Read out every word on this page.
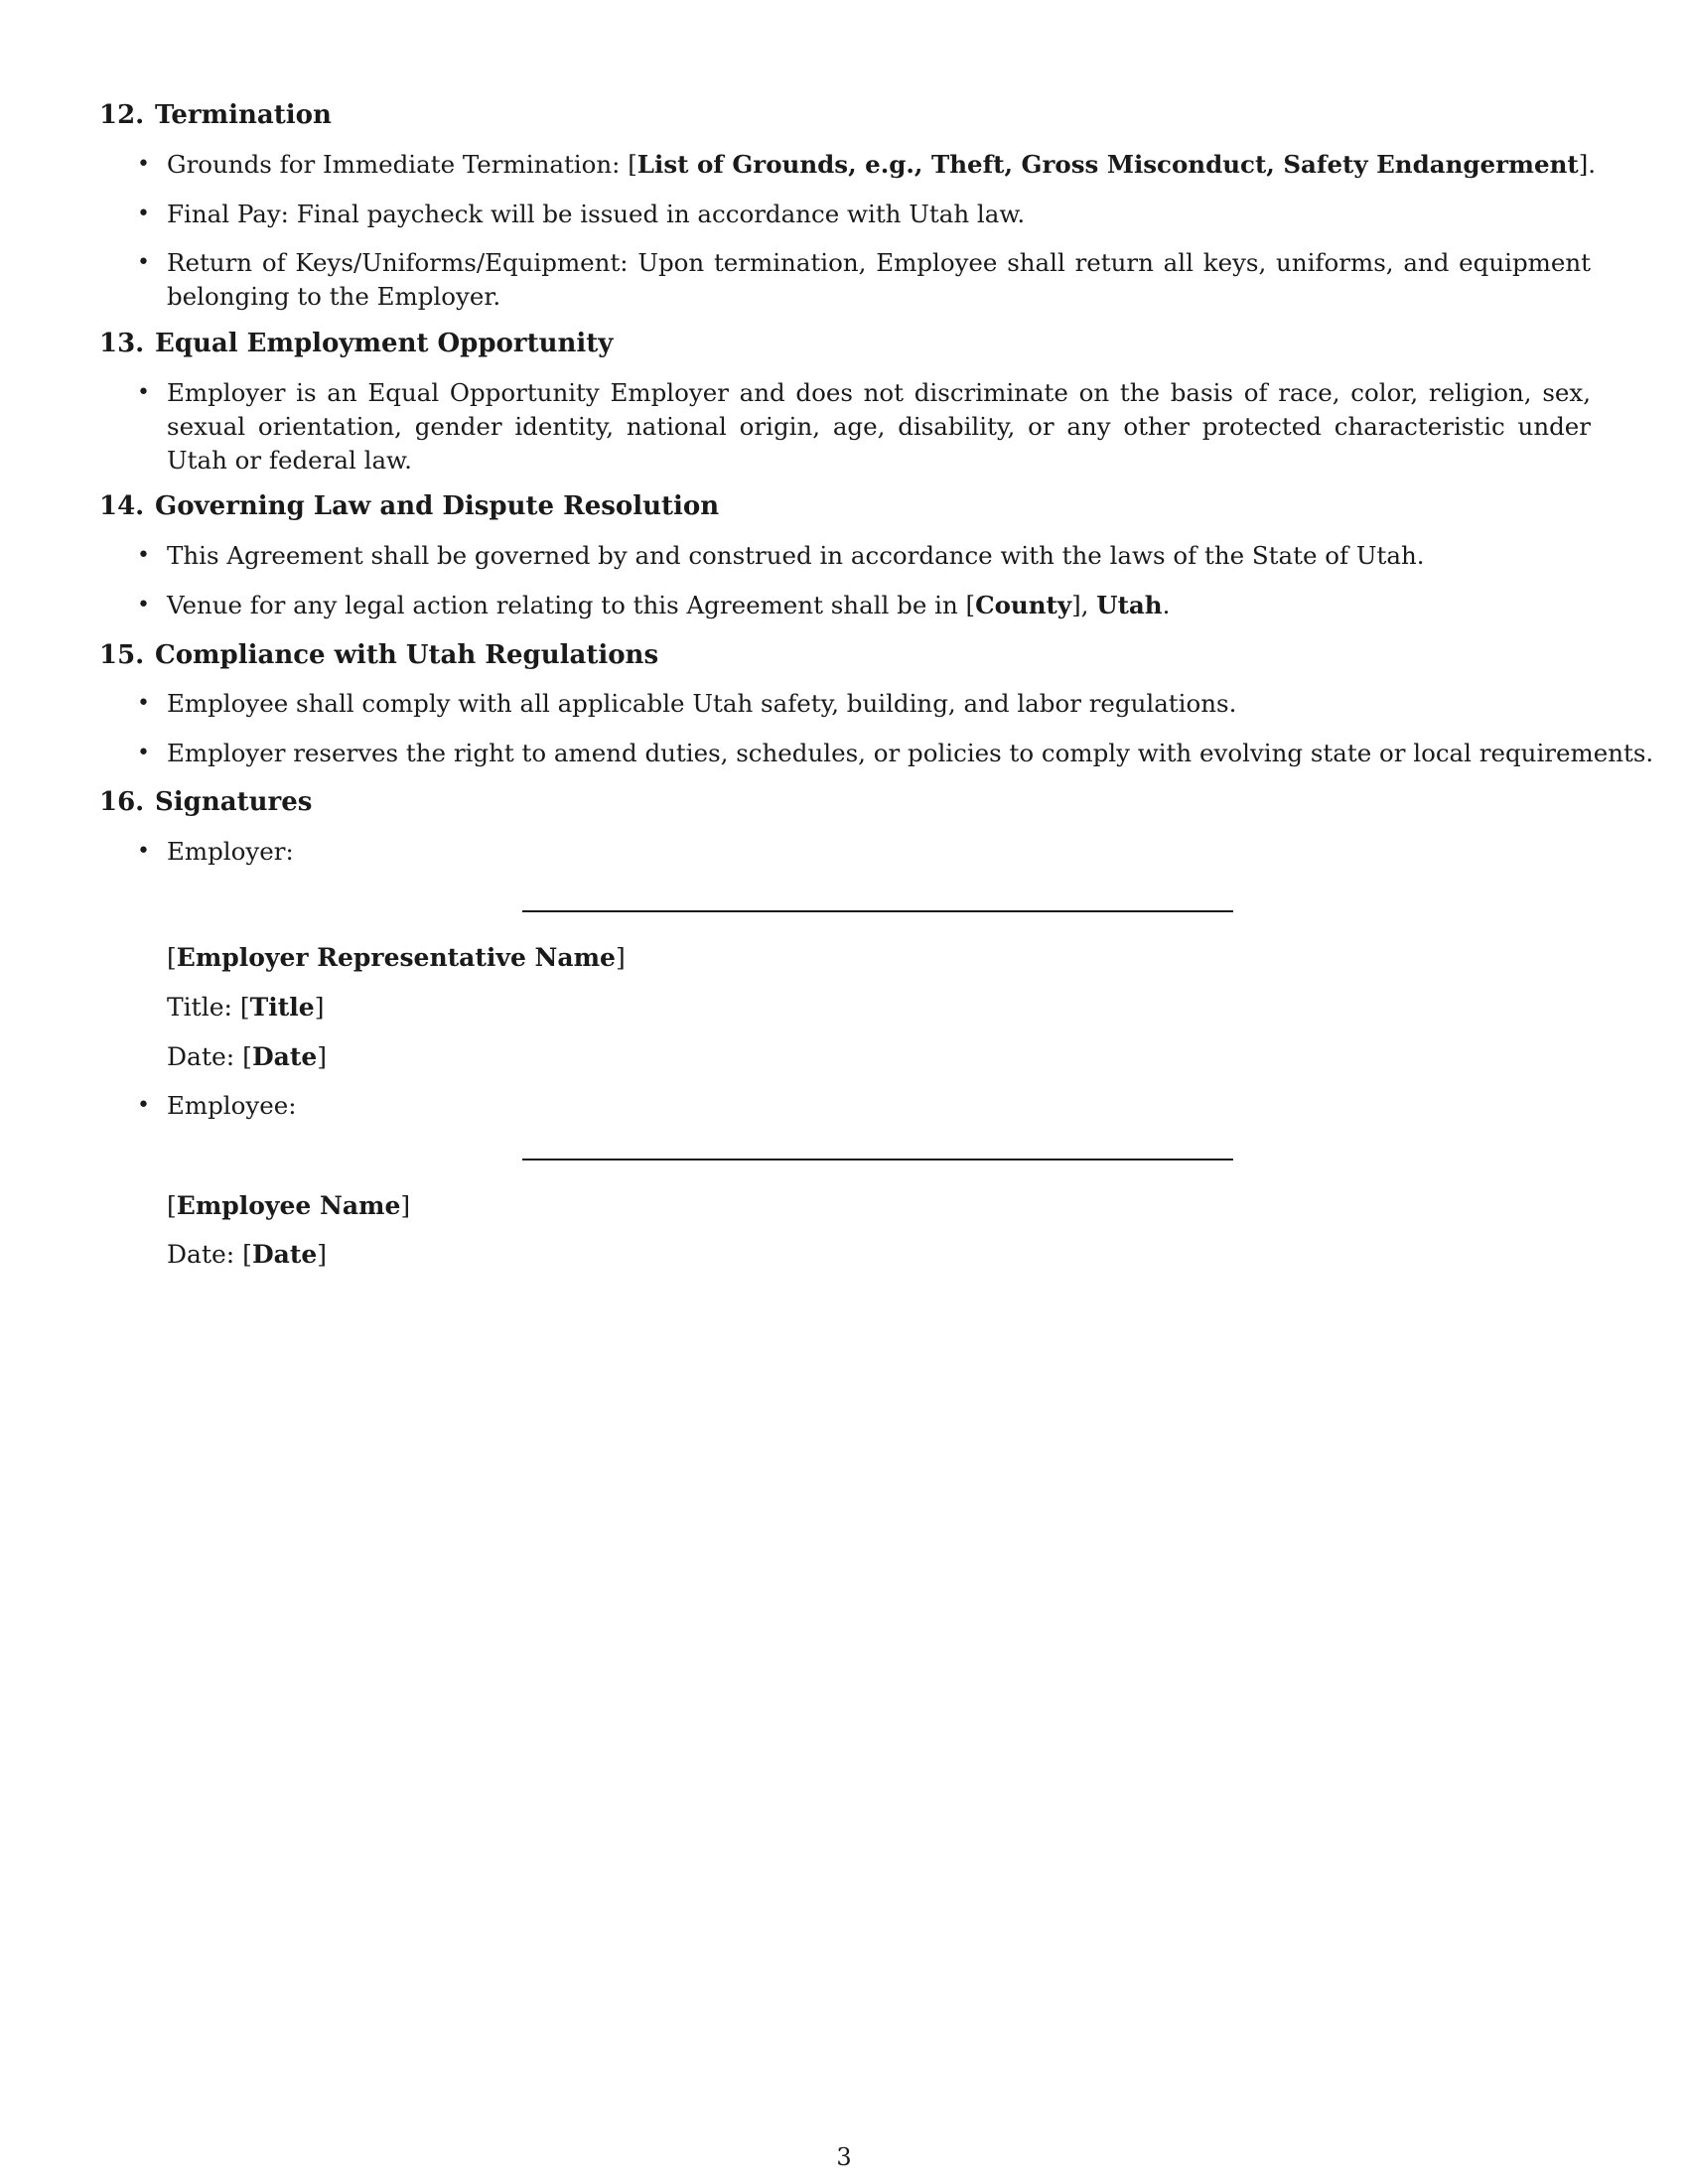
12. Termination
• Grounds for Immediate Termination: [List of Grounds, e.g., Theft, Gross Misconduct, Safety Endangerment].
• Final Pay: Final paycheck will be issued in accordance with Utah law.
• Return of Keys/Uniforms/Equipment: Upon termination, Employee shall return all keys, uniforms, and equipment belonging to the Employer.
13. Equal Employment Opportunity
• Employer is an Equal Opportunity Employer and does not discriminate on the basis of race, color, religion, sex, sexual orientation, gender identity, national origin, age, disability, or any other protected characteristic under Utah or federal law.
14. Governing Law and Dispute Resolution
• This Agreement shall be governed by and construed in accordance with the laws of the State of Utah.
• Venue for any legal action relating to this Agreement shall be in [County], Utah.
15. Compliance with Utah Regulations
• Employee shall comply with all applicable Utah safety, building, and labor regulations.
• Employer reserves the right to amend duties, schedules, or policies to comply with evolving state or local requirements.
16. Signatures
• Employer:
[Employer Representative Name]
Title: [Title]
Date: [Date]
• Employee:
[Employee Name]
Date: [Date]
3
